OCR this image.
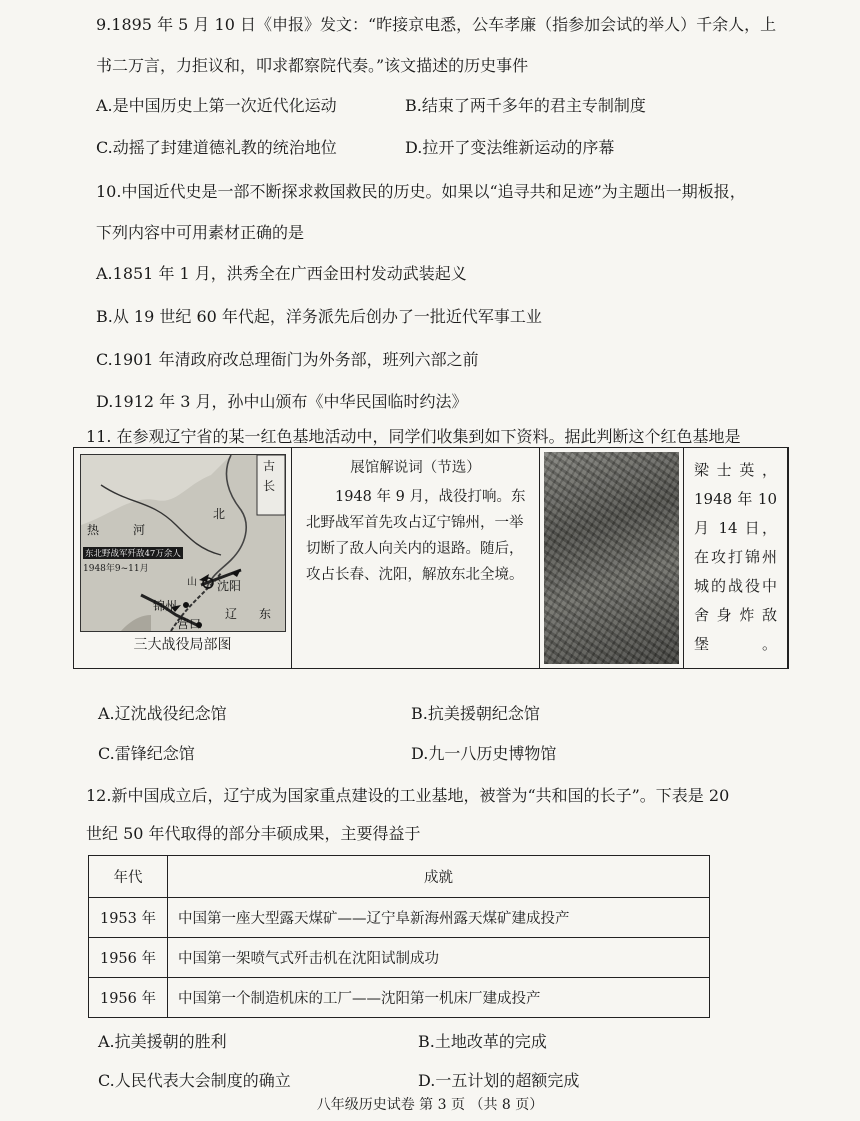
9.1895 年 5 月 10 日《申报》发文：“昨接京电悉，公车孝廉（指参加会试的举人）千余人，上
书二万言，力拒议和，叩求都察院代奏。”该文描述的历史事件
A.是中国历史上第一次近代化运动	B.结束了两千多年的君主专制制度
C.动摇了封建道德礼教的统治地位	D.拉开了变法维新运动的序幕
10.中国近代史是一部不断探求救国救民的历史。如果以“追寻共和足迹”为主题出一期板报，
下列内容中可用素材正确的是
A.1851 年 1 月，洪秀全在广西金田村发动武装起义
B.从 19 世纪 60 年代起，洋务派先后创办了一批近代军事工业
C.1901 年清政府改总理衙门为外务部，班列六部之前
D.1912 年 3 月，孙中山颁布《中华民国临时约法》
11. 在参观辽宁省的某一红色基地活动中，同学们收集到如下资料。据此判断这个红色基地是
古
长
热	河
北
沈阳
锦州
营口
辽 东
山
东北野战军歼敌47万余人
1948年9~11月
三大战役局部图
展馆解说词（节选）
1948 年 9 月，战役打响。东北野战军首先攻占辽宁锦州，一举切断了敌人向关内的退路。随后，攻占长春、沈阳，解放东北全境。
梁士英，1948 年 10 月 14 日，在攻打锦州城的战役中舍身炸敌堡。
A.辽沈战役纪念馆	B.抗美援朝纪念馆
C.雷锋纪念馆	D.九一八历史博物馆
12.新中国成立后，辽宁成为国家重点建设的工业基地，被誉为“共和国的长子”。下表是 20
世纪 50 年代取得的部分丰硕成果，主要得益于
年代	成就
1953 年	中国第一座大型露天煤矿——辽宁阜新海州露天煤矿建成投产
1956 年	中国第一架喷气式歼击机在沈阳试制成功
1956 年	中国第一个制造机床的工厂——沈阳第一机床厂建成投产
A.抗美援朝的胜利	B.土地改革的完成
C.人民代表大会制度的确立	D.一五计划的超额完成
八年级历史试卷 第 3 页 （共 8 页）
